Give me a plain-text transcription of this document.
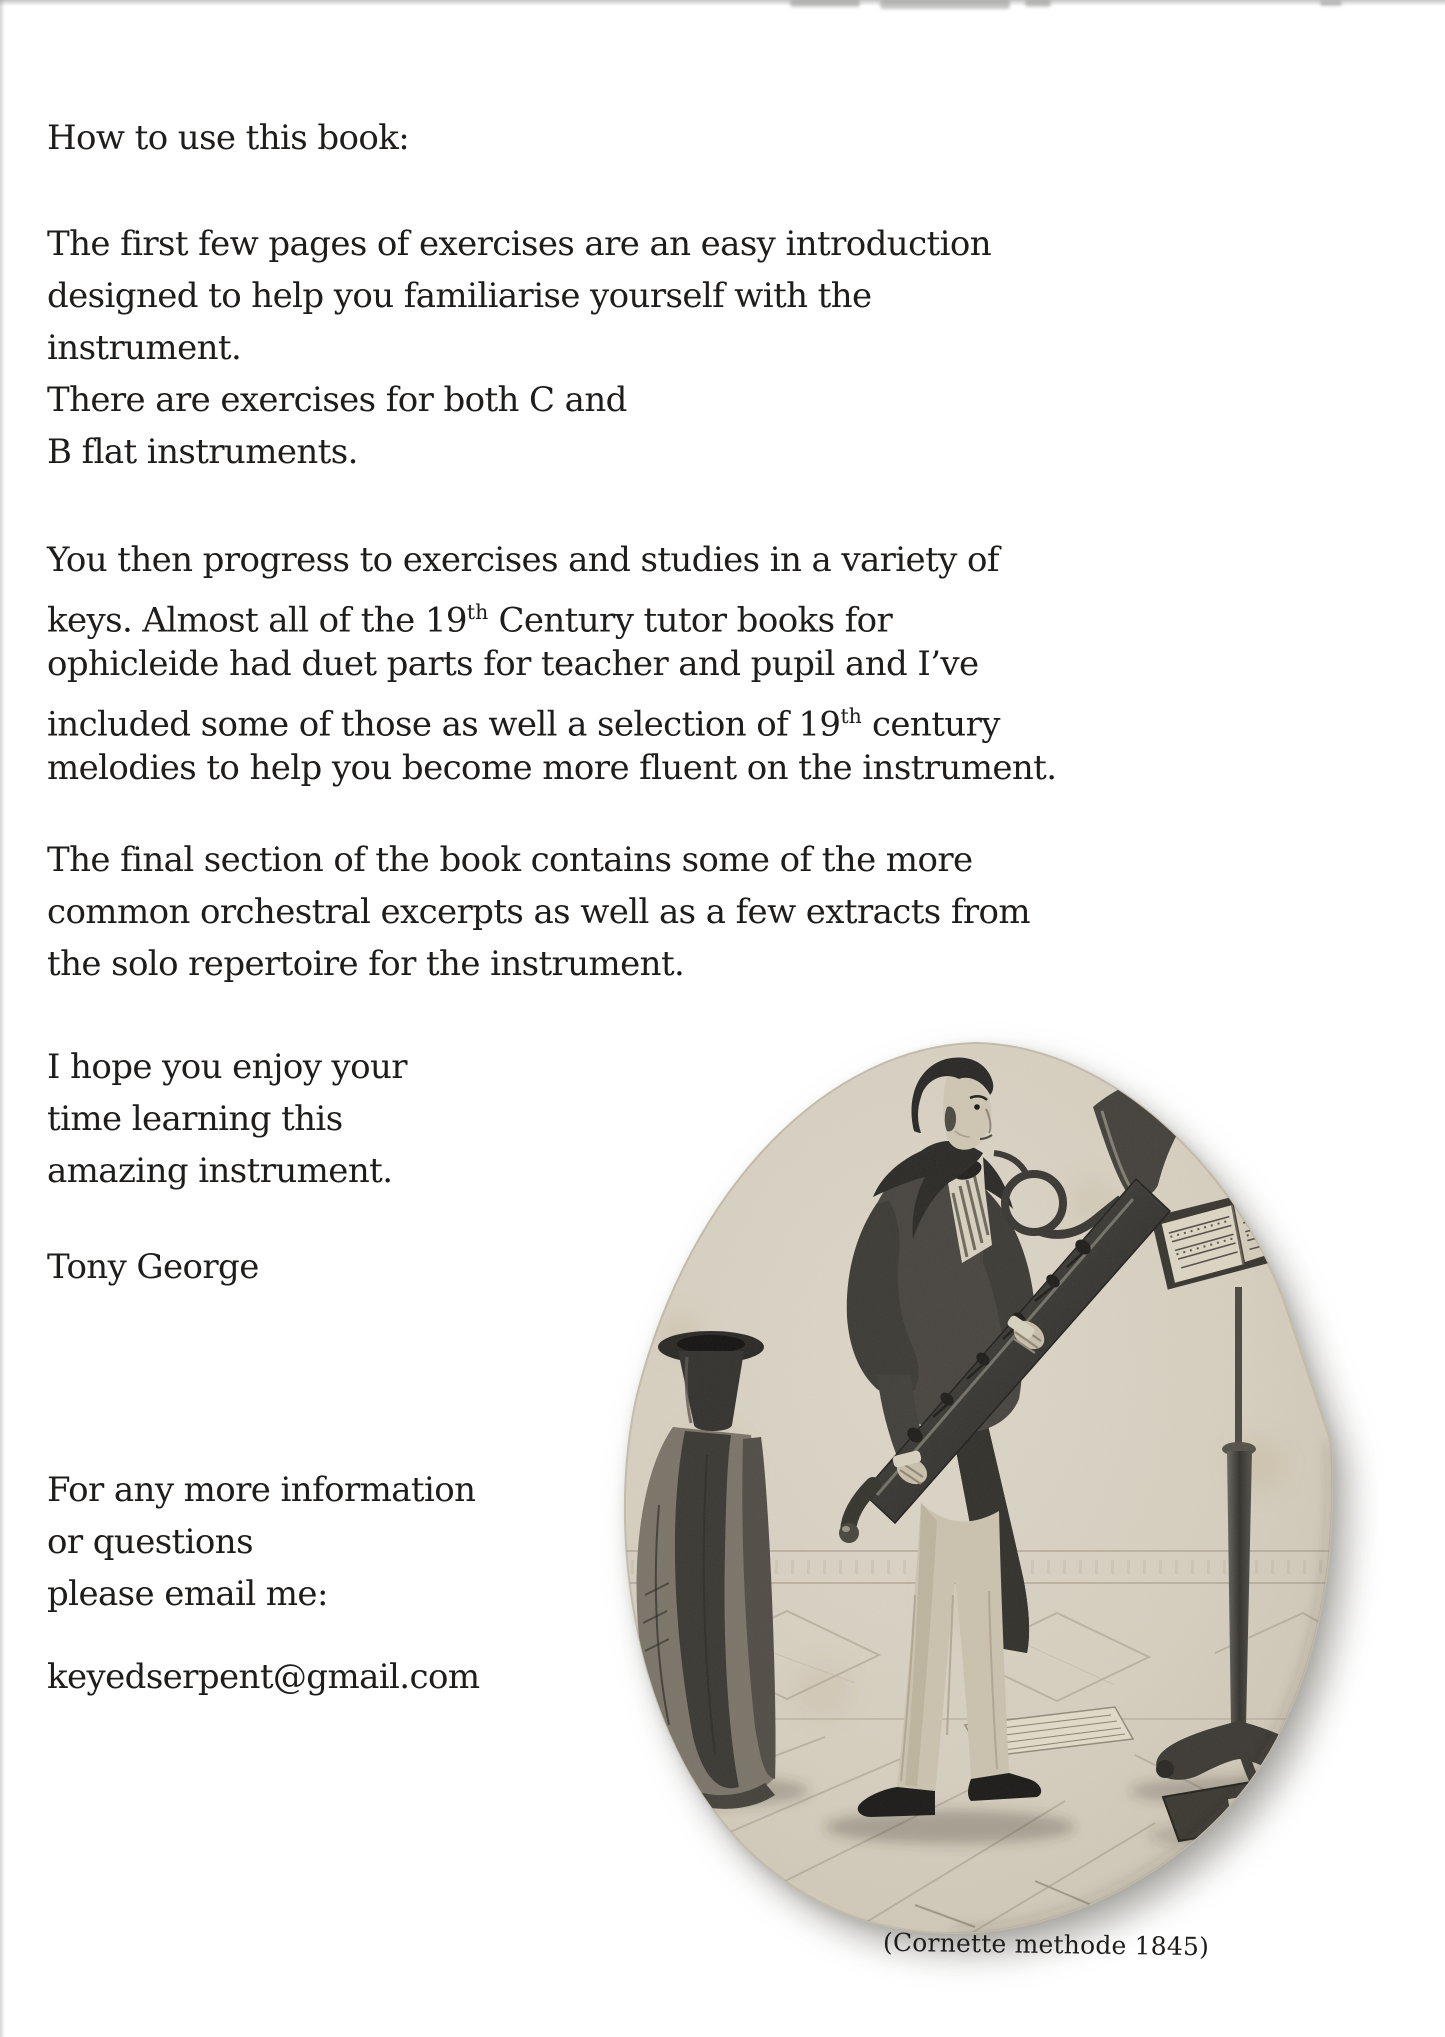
How to use this book:
The first few pages of exercises are an easy introduction
designed to help you familiarise yourself with the
instrument.
There are exercises for both C and
B flat instruments.
You then progress to exercises and studies in a variety of
keys. Almost all of the 19th Century tutor books for
ophicleide had duet parts for teacher and pupil and I’ve
included some of those as well a selection of 19th century
melodies to help you become more fluent on the instrument.
The final section of the book contains some of the more
common orchestral excerpts as well as a few extracts from
the solo repertoire for the instrument.
I hope you enjoy your
time learning this
amazing instrument.
Tony George
For any more information
or questions
please email me:
keyedserpent@gmail.com
(Cornette methode 1845)
